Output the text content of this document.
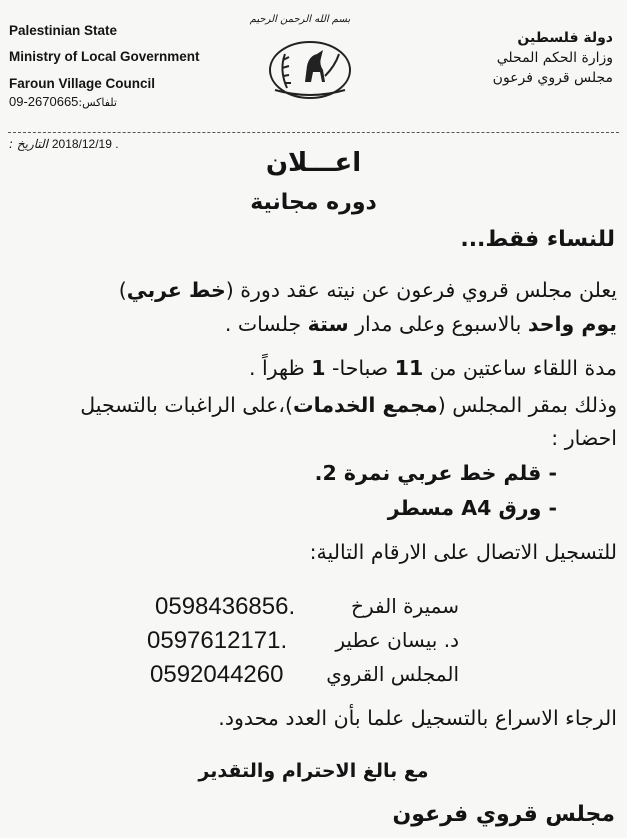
Palestinian State
Ministry of Local Government
Faroun Village Council
09-2670665تلفاكس:
دولة فلسطين
وزارة الحكم المحلي
مجلس قروي فرعون
بسم الله الرحمن الرحيم
التاريخ : 2018/12/19 .
اعـــلان
دوره مجانية
للنساء فقط...
يعلن مجلس قروي فرعون عن نيته عقد دورة (خط عربي)
يوم واحد بالاسبوع وعلى مدار ستة جلسات .
مدة اللقاء ساعتين من 11 صباحا- 1 ظهراً .
وذلك بمقر المجلس (مجمع الخدمات)،على الراغبات بالتسجيل
احضار :
- قلم خط عربي نمرة 2.
- ورق A4 مسطر
للتسجيل الاتصال على الارقام التالية:
سميرة الفرخ
0598436856.
د. بيسان عطير
0597612171.
المجلس القروي
0592044260
الرجاء الاسراع بالتسجيل علما بأن العدد محدود.
مع بالغ الاحترام والتقدير
مجلس قروي فرعون
